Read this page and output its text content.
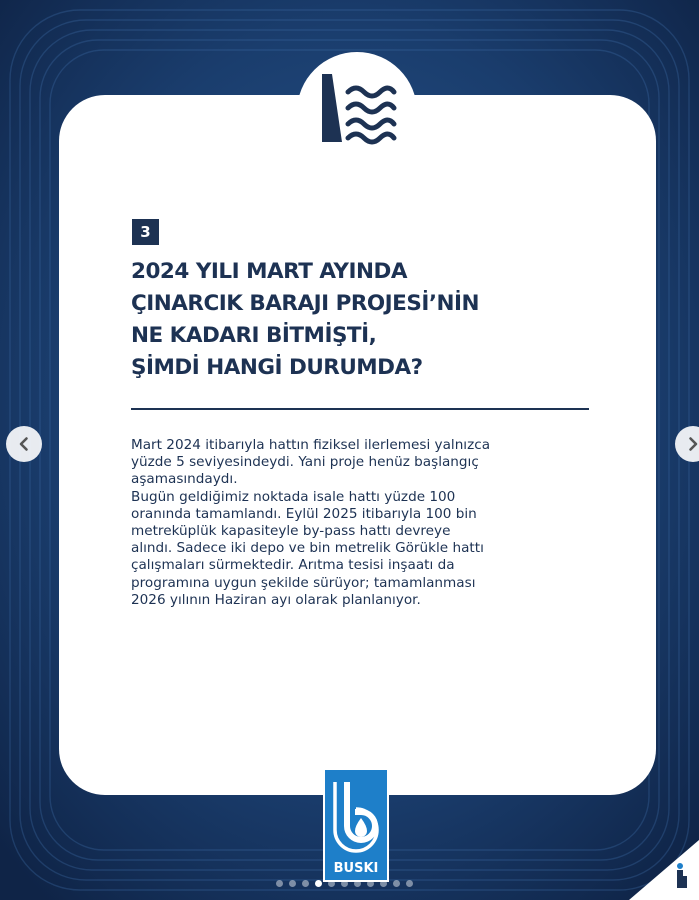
3
2024 YILI MART AYINDA
ÇINARCIK BARAJI PROJESİ’NİN
NE KADARI BİTMİŞTİ,
ŞİMDİ HANGİ DURUMDA?

Mart 2024 itibarıyla hattın fiziksel ilerlemesi yalnızca

yüzde 5 seviyesindeydi. Yani proje henüz başlangıç

aşamasındaydı.

Bugün geldiğimiz noktada isale hattı yüzde 100

oranında tamamlandı. Eylül 2025 itibarıyla 100 bin

metreküplük kapasiteyle by-pass hattı devreye

alındı. Sadece iki depo ve bin metrelik Görükle hattı

çalışmaları sürmektedir. Arıtma tesisi inşaatı da

programına uygun şekilde sürüyor; tamamlanması

2026 yılının Haziran ayı olarak planlanıyor.

BUSKI
